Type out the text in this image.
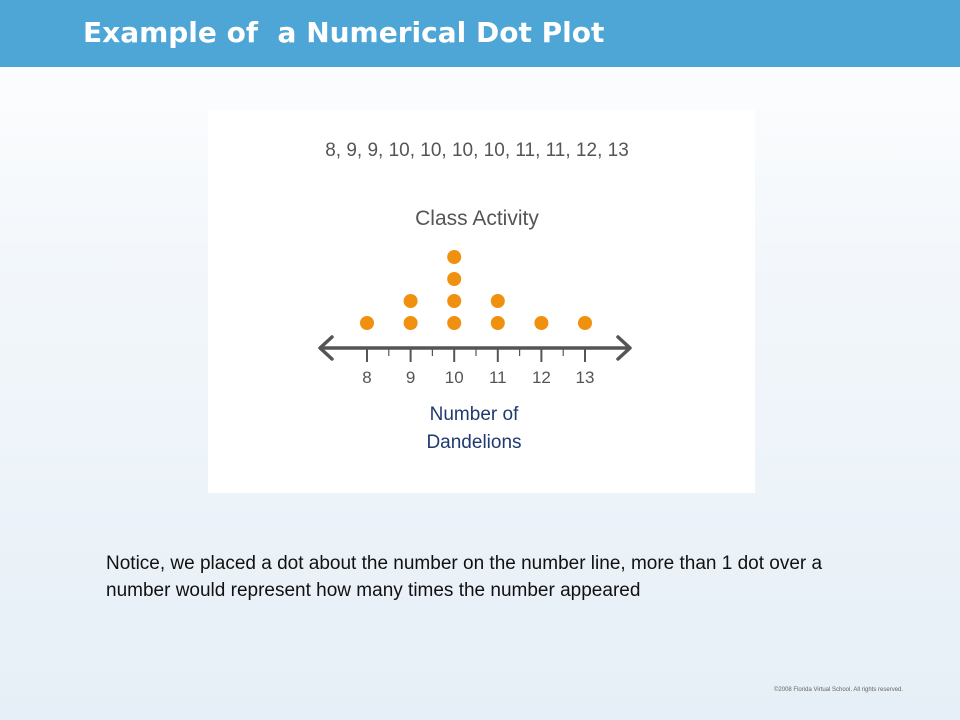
Example of  a Numerical Dot Plot
8, 9, 9, 10, 10, 10, 10, 11, 11, 12, 13
Class Activity
8 9 10 11 12 13
Number of
Dandelions
Notice, we placed a dot about the number on the number line, more than 1 dot over a number would represent how many times the number appeared
©2008 Florida Virtual School. All rights reserved.
